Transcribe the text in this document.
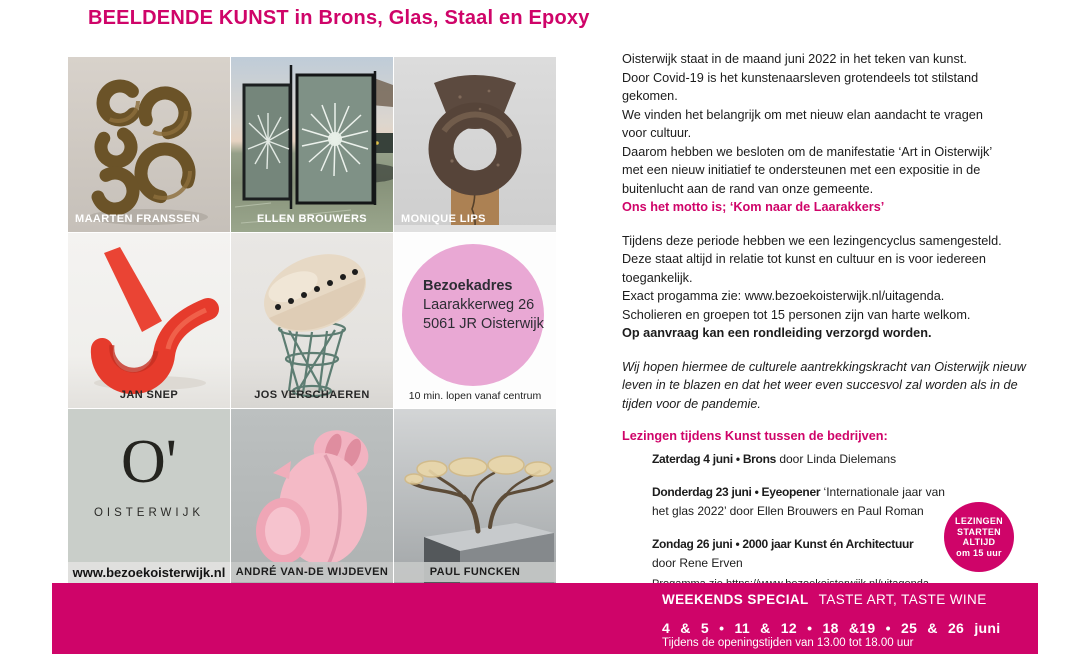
BEELDENDE KUNST in Brons, Glas, Staal en Epoxy
MAARTEN FRANSSEN	ELLEN BROUWERS	MONIQUE LIPS
JAN SNEP	JOS VERSCHAEREN
Bezoekadres
Laarakkerweg 26
5061 JR Oisterwijk
10 min. lopen vanaf centrum
O'
OISTERWIJK
www.bezoekoisterwijk.nl ANDRÉ VAN-DE WIJDEVEN	PAUL FUNCKEN
Oisterwijk staat in de maand juni 2022 in het teken van kunst.
Door Covid-19 is het kunstenaarsleven grotendeels tot stilstand
gekomen.
We vinden het belangrijk om met nieuw elan aandacht te vragen
voor cultuur.
Daarom hebben we besloten om de manifestatie ‘Art in Oisterwijk’
met een nieuw initiatief te ondersteunen met een expositie in de
buitenlucht aan de rand van onze gemeente.
Ons het motto is; ‘Kom naar de Laarakkers’
Tijdens deze periode hebben we een lezingencyclus samengesteld.
Deze staat altijd in relatie tot kunst en cultuur en is voor iedereen
toegankelijk.
Exact progamma zie: www.bezoekoisterwijk.nl/uitagenda.
Scholieren en groepen tot 15 personen zijn van harte welkom.
Op aanvraag kan een rondleiding verzorgd worden.
Wij hopen hiermee de culturele aantrekkingskracht van Oisterwijk nieuw
leven in te blazen en dat het weer even succesvol zal worden als in de
tijden voor de pandemie.
Lezingen tijdens Kunst tussen de bedrijven:
Zaterdag 4 juni • Brons door Linda Dielemans
Donderdag 23 juni • Eyeopener ‘Internationale jaar van het glas 2022’ door Ellen Brouwers en Paul Roman
Zondag 26 juni • 2000 jaar Kunst én Architectuur
door Rene Erven
LEZINGEN
STARTEN
ALTIJD
om 15 uur
WEEKENDS SPECIAL TASTE ART, TASTE WINE
4 & 5 • 11 & 12 • 18 &19 • 25 & 26 juni
Tijdens de openingstijden van 13.00 tot 18.00 uur
